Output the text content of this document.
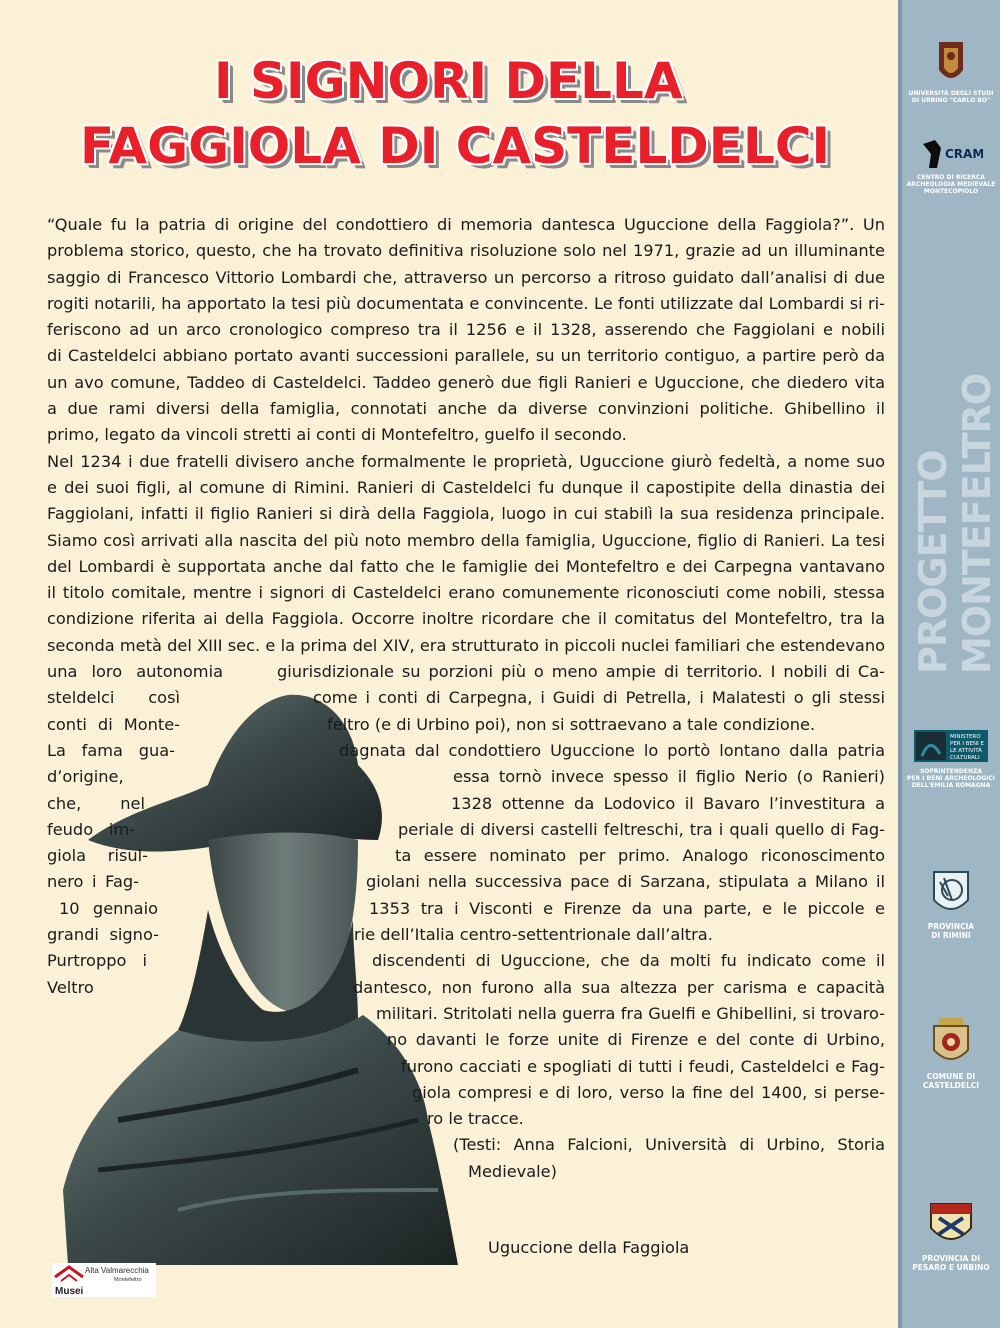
I SIGNORI DELLA
FAGGIOLA DI CASTELDELCI
“Quale fu la patria di origine del condottiero di memoria dantesca Uguccione della Faggiola?”. Un
problema storico, questo, che ha trovato definitiva risoluzione solo nel 1971, grazie ad un illuminante
saggio di Francesco Vittorio Lombardi che, attraverso un percorso a ritroso guidato dall’analisi di due
rogiti notarili, ha apportato la tesi più documentata e convincente. Le fonti utilizzate dal Lombardi si ri-
feriscono ad un arco cronologico compreso tra il 1256 e il 1328, asserendo che Faggiolani e nobili
di Casteldelci abbiano portato avanti successioni parallele, su un territorio contiguo, a partire però da
un avo comune, Taddeo di Casteldelci. Taddeo generò due figli Ranieri e Uguccione, che diedero vita
a due rami diversi della famiglia, connotati anche da diverse convinzioni politiche. Ghibellino il
primo, legato da vincoli stretti ai conti di Montefeltro, guelfo il secondo.
Nel 1234 i due fratelli divisero anche formalmente le proprietà, Uguccione giurò fedeltà, a nome suo
e dei suoi figli, al comune di Rimini. Ranieri di Casteldelci fu dunque il capostipite della dinastia dei
Faggiolani, infatti il figlio Ranieri si dirà della Faggiola, luogo in cui stabilì la sua residenza principale.
Siamo così arrivati alla nascita del più noto membro della famiglia, Uguccione, figlio di Ranieri. La tesi
del Lombardi è supportata anche dal fatto che le famiglie dei Montefeltro e dei Carpegna vantavano
il titolo comitale, mentre i signori di Casteldelci erano comunemente riconosciuti come nobili, stessa
condizione riferita ai della Faggiola. Occorre inoltre ricordare che il comitatus del Montefeltro, tra la
seconda metà del XIII sec. e la prima del XIV, era strutturato in piccoli nuclei familiari che estendevano
una loro autonomia	giurisdizionale su porzioni più o meno ampie di territorio. I nobili di Ca-
steldelci così	come i conti di Carpegna, i Guidi di Petrella, i Malatesti o gli stessi
conti di Monte-	feltro (e di Urbino poi), non si sottraevano a tale condizione.
La fama gua-	dagnata dal condottiero Uguccione lo portò lontano dalla patria
d’origine,	essa tornò invece spesso il figlio Nerio (o Ranieri)
che, nel	1328 ottenne da Lodovico il Bavaro l’investitura a
feudo im-	periale di diversi castelli feltreschi, tra i quali quello di Fag-
giola risul-	ta essere nominato per primo. Analogo riconoscimento
nero i Fag-	giolani nella successiva pace di Sarzana, stipulata a Milano il
10 gennaio	1353 tra i Visconti e Firenze da una parte, e le piccole e
grandi signo-	rie dell’Italia centro-settentrionale dall’altra.
Purtroppo i	discendenti di Uguccione, che da molti fu indicato come il
Veltro	dantesco, non furono alla sua altezza per carisma e capacità
militari. Stritolati nella guerra fra Guelfi e Ghibellini, si trovaro-
no davanti le forze unite di Firenze e del conte di Urbino,
furono cacciati e spogliati di tutti i feudi, Casteldelci e Fag-
giola compresi e di loro, verso la fine del 1400, si perse-
ro le tracce.
(Testi: Anna Falcioni, Università di Urbino, Storia
Medievale)
Uguccione della Faggiola
Alta Valmarecchia
Montefeltro
Musei
PROGETTO MONTEFELTRO
UNIVERSITÀ DEGLI STUDI
DI URBINO "CARLO BO"
CRAM
CENTRO DI RICERCA
ARCHEOLOGIA MEDIEVALE
MONTECOPIOLO
MINISTERO
PER I BENI E
LE ATTIVITÀ
CULTURALI
SOPRINTENDENZA
PER I BENI ARCHEOLOGICI
DELL'EMILIA ROMAGNA
PROVINCIA
DI RIMINI
COMUNE DI
CASTELDELCI
PROVINCIA DI
PESARO E URBINO
